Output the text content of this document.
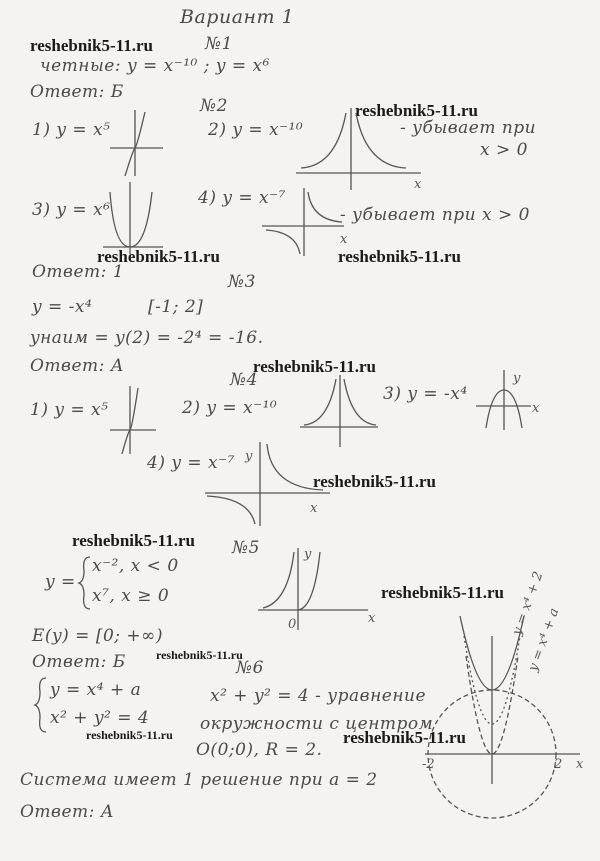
Вариант 1
reshebnik5-11.ru
reshebnik5-11.ru
reshebnik5-11.ru	reshebnik5-11.ru
reshebnik5-11.ru
reshebnik5-11.ru
reshebnik5-11.ru
reshebnik5-11.ru
reshebnik5-11.ru
reshebnik5-11.ru	reshebnik5-11.ru
№1
четные: y = x⁻¹⁰ ; y = x⁶
Ответ: Б
№2
1) y = x⁵	2) y = x⁻¹⁰
x
- убывает при
x > 0
3) y = x⁶
4) y = x⁻⁷
x
- убывает при x > 0
Ответ: 1	№3
y = -x⁴	[-1; 2]
yнаим = y(2) = -2⁴ = -16.
Ответ: А
№4
1) y = x⁵	2) y = x⁻¹⁰
3) y = -x⁴
y
x
4) y = x⁻⁷ y
x
№5
y =
x⁻², x < 0
x⁷, x ≥ 0
y
0	x
E(y) = [0; +∞)
Ответ: Б	№6
y = x⁴ + a
x² + y² = 4
x² + y² = 4 - уравнение
окружности с центром
O(0;0), R = 2.
y = x⁴ + 2
y = x⁴ + a
-2	2 x
Система имеет 1 решение при a = 2
Ответ: А
